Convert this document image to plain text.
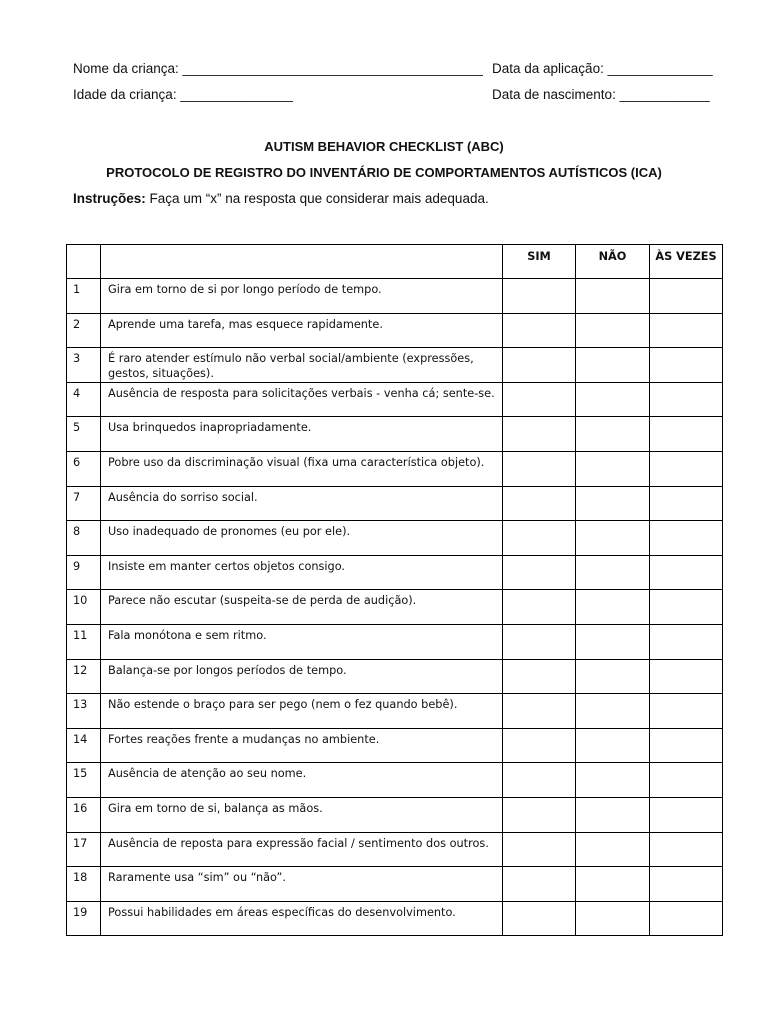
Nome da criança: ________________________________________ Data da aplicação: ______________
Idade da criança: _______________	Data de nascimento: ____________
AUTISM BEHAVIOR CHECKLIST (ABC)
PROTOCOLO DE REGISTRO DO INVENTÁRIO DE COMPORTAMENTOS AUTÍSTICOS (ICA)
Instruções: Faça um “x” na resposta que considerar mais adequada.
		SIM	NÃO	ÀS VEZES
1	Gira em torno de si por longo período de tempo.			
2	Aprende uma tarefa, mas esquece rapidamente.			
3	É raro atender estímulo não verbal social/ambiente (expressões, gestos, situações).			
4	Ausência de resposta para solicitações verbais - venha cá; sente-se.			
5	Usa brinquedos inapropriadamente.			
6	Pobre uso da discriminação visual (fixa uma característica objeto).			
7	Ausência do sorriso social.			
8	Uso inadequado de pronomes (eu por ele).			
9	Insiste em manter certos objetos consigo.			
10	Parece não escutar (suspeita-se de perda de audição).			
11	Fala monótona e sem ritmo.			
12	Balança-se por longos períodos de tempo.			
13	Não estende o braço para ser pego (nem o fez quando bebê).			
14	Fortes reações frente a mudanças no ambiente.			
15	Ausência de atenção ao seu nome.			
16	Gira em torno de si, balança as mãos.			
17	Ausência de reposta para expressão facial / sentimento dos outros.			
18	Raramente usa “sim” ou “não”.			
19	Possui habilidades em áreas específicas do desenvolvimento.			
